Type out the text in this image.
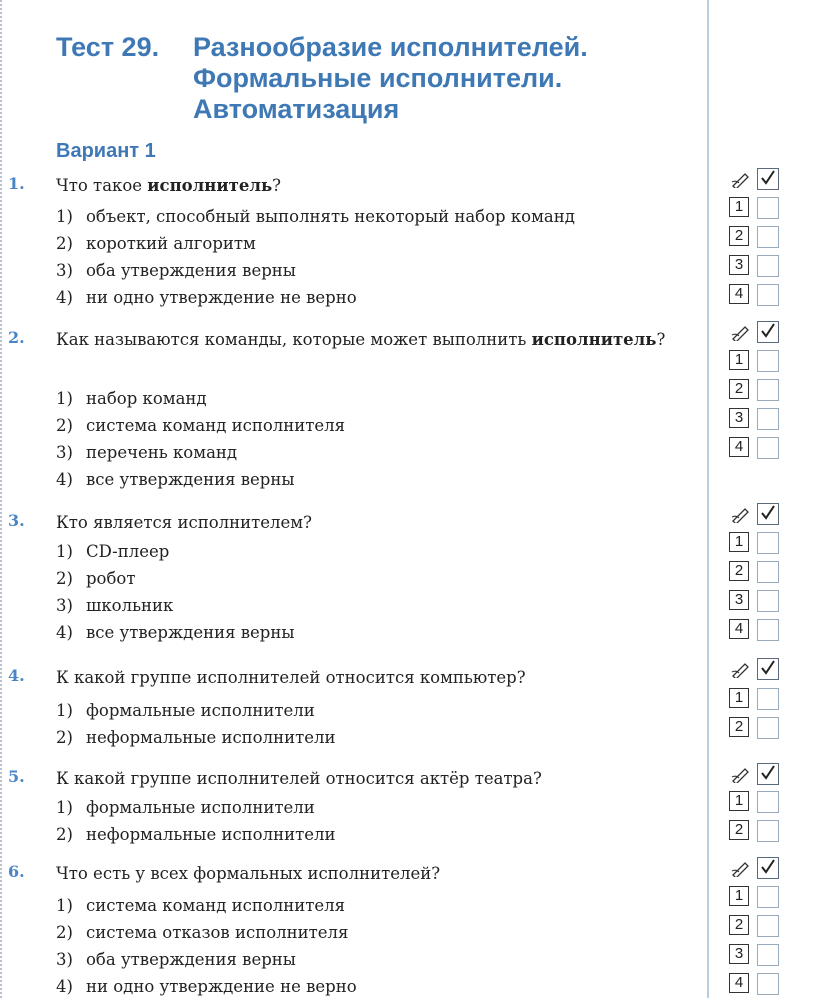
Тест 29. Разнообразие исполнителей.
Формальные исполнители.
Автоматизация
Вариант 1
1. Что такое исполнитель?
1) объект, способный выполнять некоторый набор команд
2) короткий алгоритм
3) оба утверждения верны
4) ни одно утверждение не верно
1
2
3
4
2. Как называются команды, которые может выполнить исполнитель?
1) набор команд
2) система команд исполнителя
3) перечень команд
4) все утверждения верны
1
2
3
4
3. Кто является исполнителем?
1) CD-плеер
2) робот
3) школьник
4) все утверждения верны
1
2
3
4
4. К какой группе исполнителей относится компьютер?
1) формальные исполнители
2) неформальные исполнители
1
2
5. К какой группе исполнителей относится актёр театра?
1) формальные исполнители
2) неформальные исполнители
1
2
6. Что есть у всех формальных исполнителей?
1) система команд исполнителя
2) система отказов исполнителя
3) оба утверждения верны
4) ни одно утверждение не верно
1
2
3
4
